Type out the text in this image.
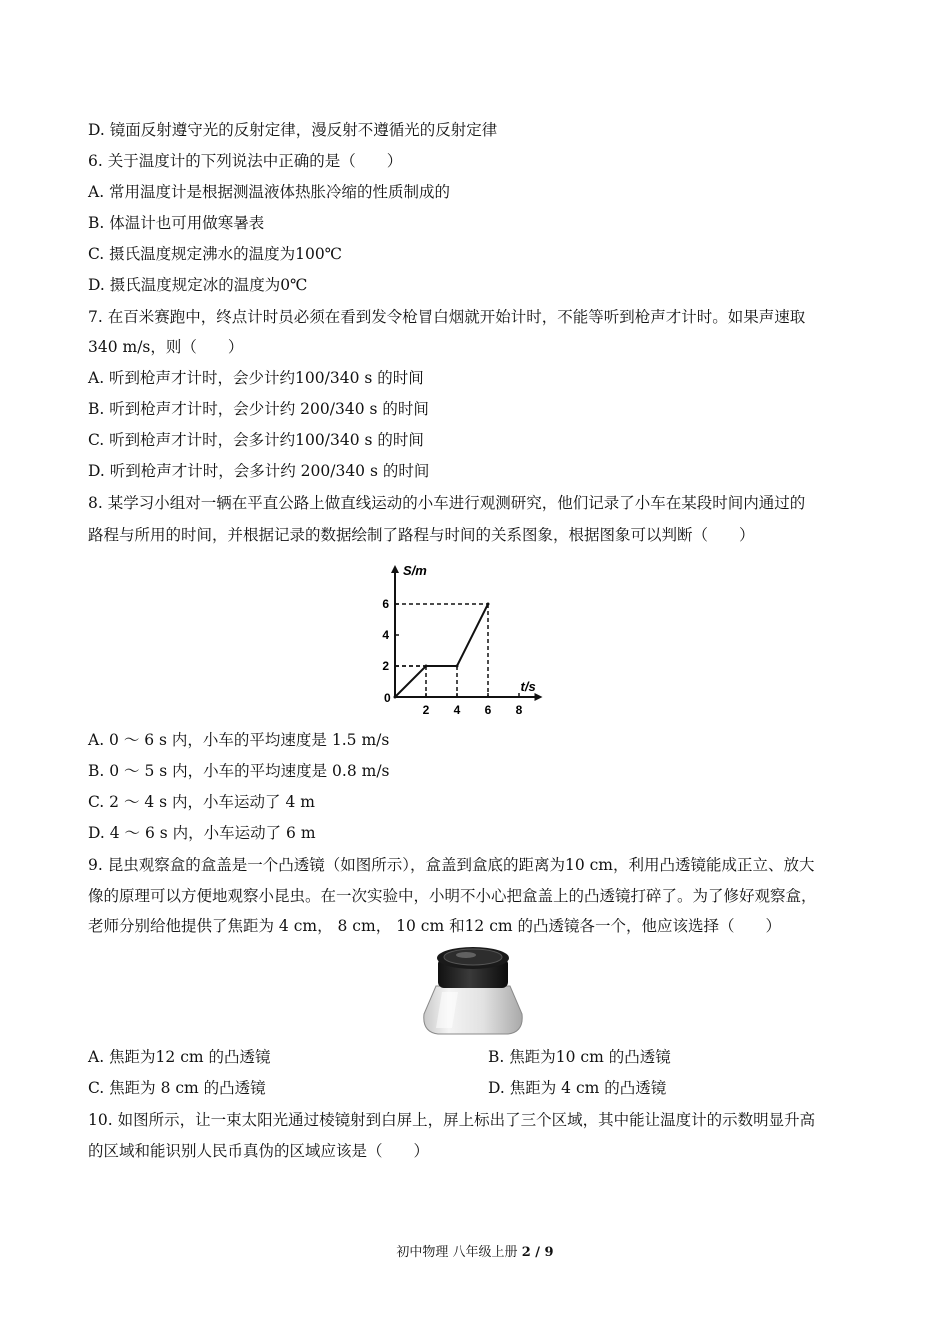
D. 镜面反射遵守光的反射定律，漫反射不遵循光的反射定律
6. 关于温度计的下列说法中正确的是（　　）
A. 常用温度计是根据测温液体热胀冷缩的性质制成的
B. 体温计也可用做寒暑表
C. 摄氏温度规定沸水的温度为100℃
D. 摄氏温度规定冰的温度为0℃
7. 在百米赛跑中，终点计时员必须在看到发令枪冒白烟就开始计时，不能等听到枪声才计时。如果声速取
340 m/s，则（　　）
A. 听到枪声才计时，会少计约100/340 s 的时间
B. 听到枪声才计时，会少计约 200/340 s 的时间
C. 听到枪声才计时，会多计约100/340 s 的时间
D. 听到枪声才计时，会多计约 200/340 s 的时间
8. 某学习小组对一辆在平直公路上做直线运动的小车进行观测研究，他们记录了小车在某段时间内通过的
路程与所用的时间，并根据记录的数据绘制了路程与时间的关系图象，根据图象可以判断（　　）
S/m
t/s
0
2 4 6 8
2
4
6
A. 0 ～ 6 s 内，小车的平均速度是 1.5 m/s
B. 0 ～ 5 s 内，小车的平均速度是 0.8 m/s
C. 2 ～ 4 s 内，小车运动了 4 m
D. 4 ～ 6 s 内，小车运动了 6 m
9. 昆虫观察盒的盒盖是一个凸透镜（如图所示），盒盖到盒底的距离为10 cm，利用凸透镜能成正立、放大
像的原理可以方便地观察小昆虫。在一次实验中，小明不小心把盒盖上的凸透镜打碎了。为了修好观察盒，
老师分别给他提供了焦距为 4 cm， 8 cm， 10 cm 和12 cm 的凸透镜各一个，他应该选择（　　）
A. 焦距为12 cm 的凸透镜	B. 焦距为10 cm 的凸透镜
C. 焦距为 8 cm 的凸透镜	D. 焦距为 4 cm 的凸透镜
10. 如图所示，让一束太阳光通过棱镜射到白屏上，屏上标出了三个区域，其中能让温度计的示数明显升高
的区域和能识别人民币真伪的区域应该是（　　）
初中物理 八年级上册 2 / 9
